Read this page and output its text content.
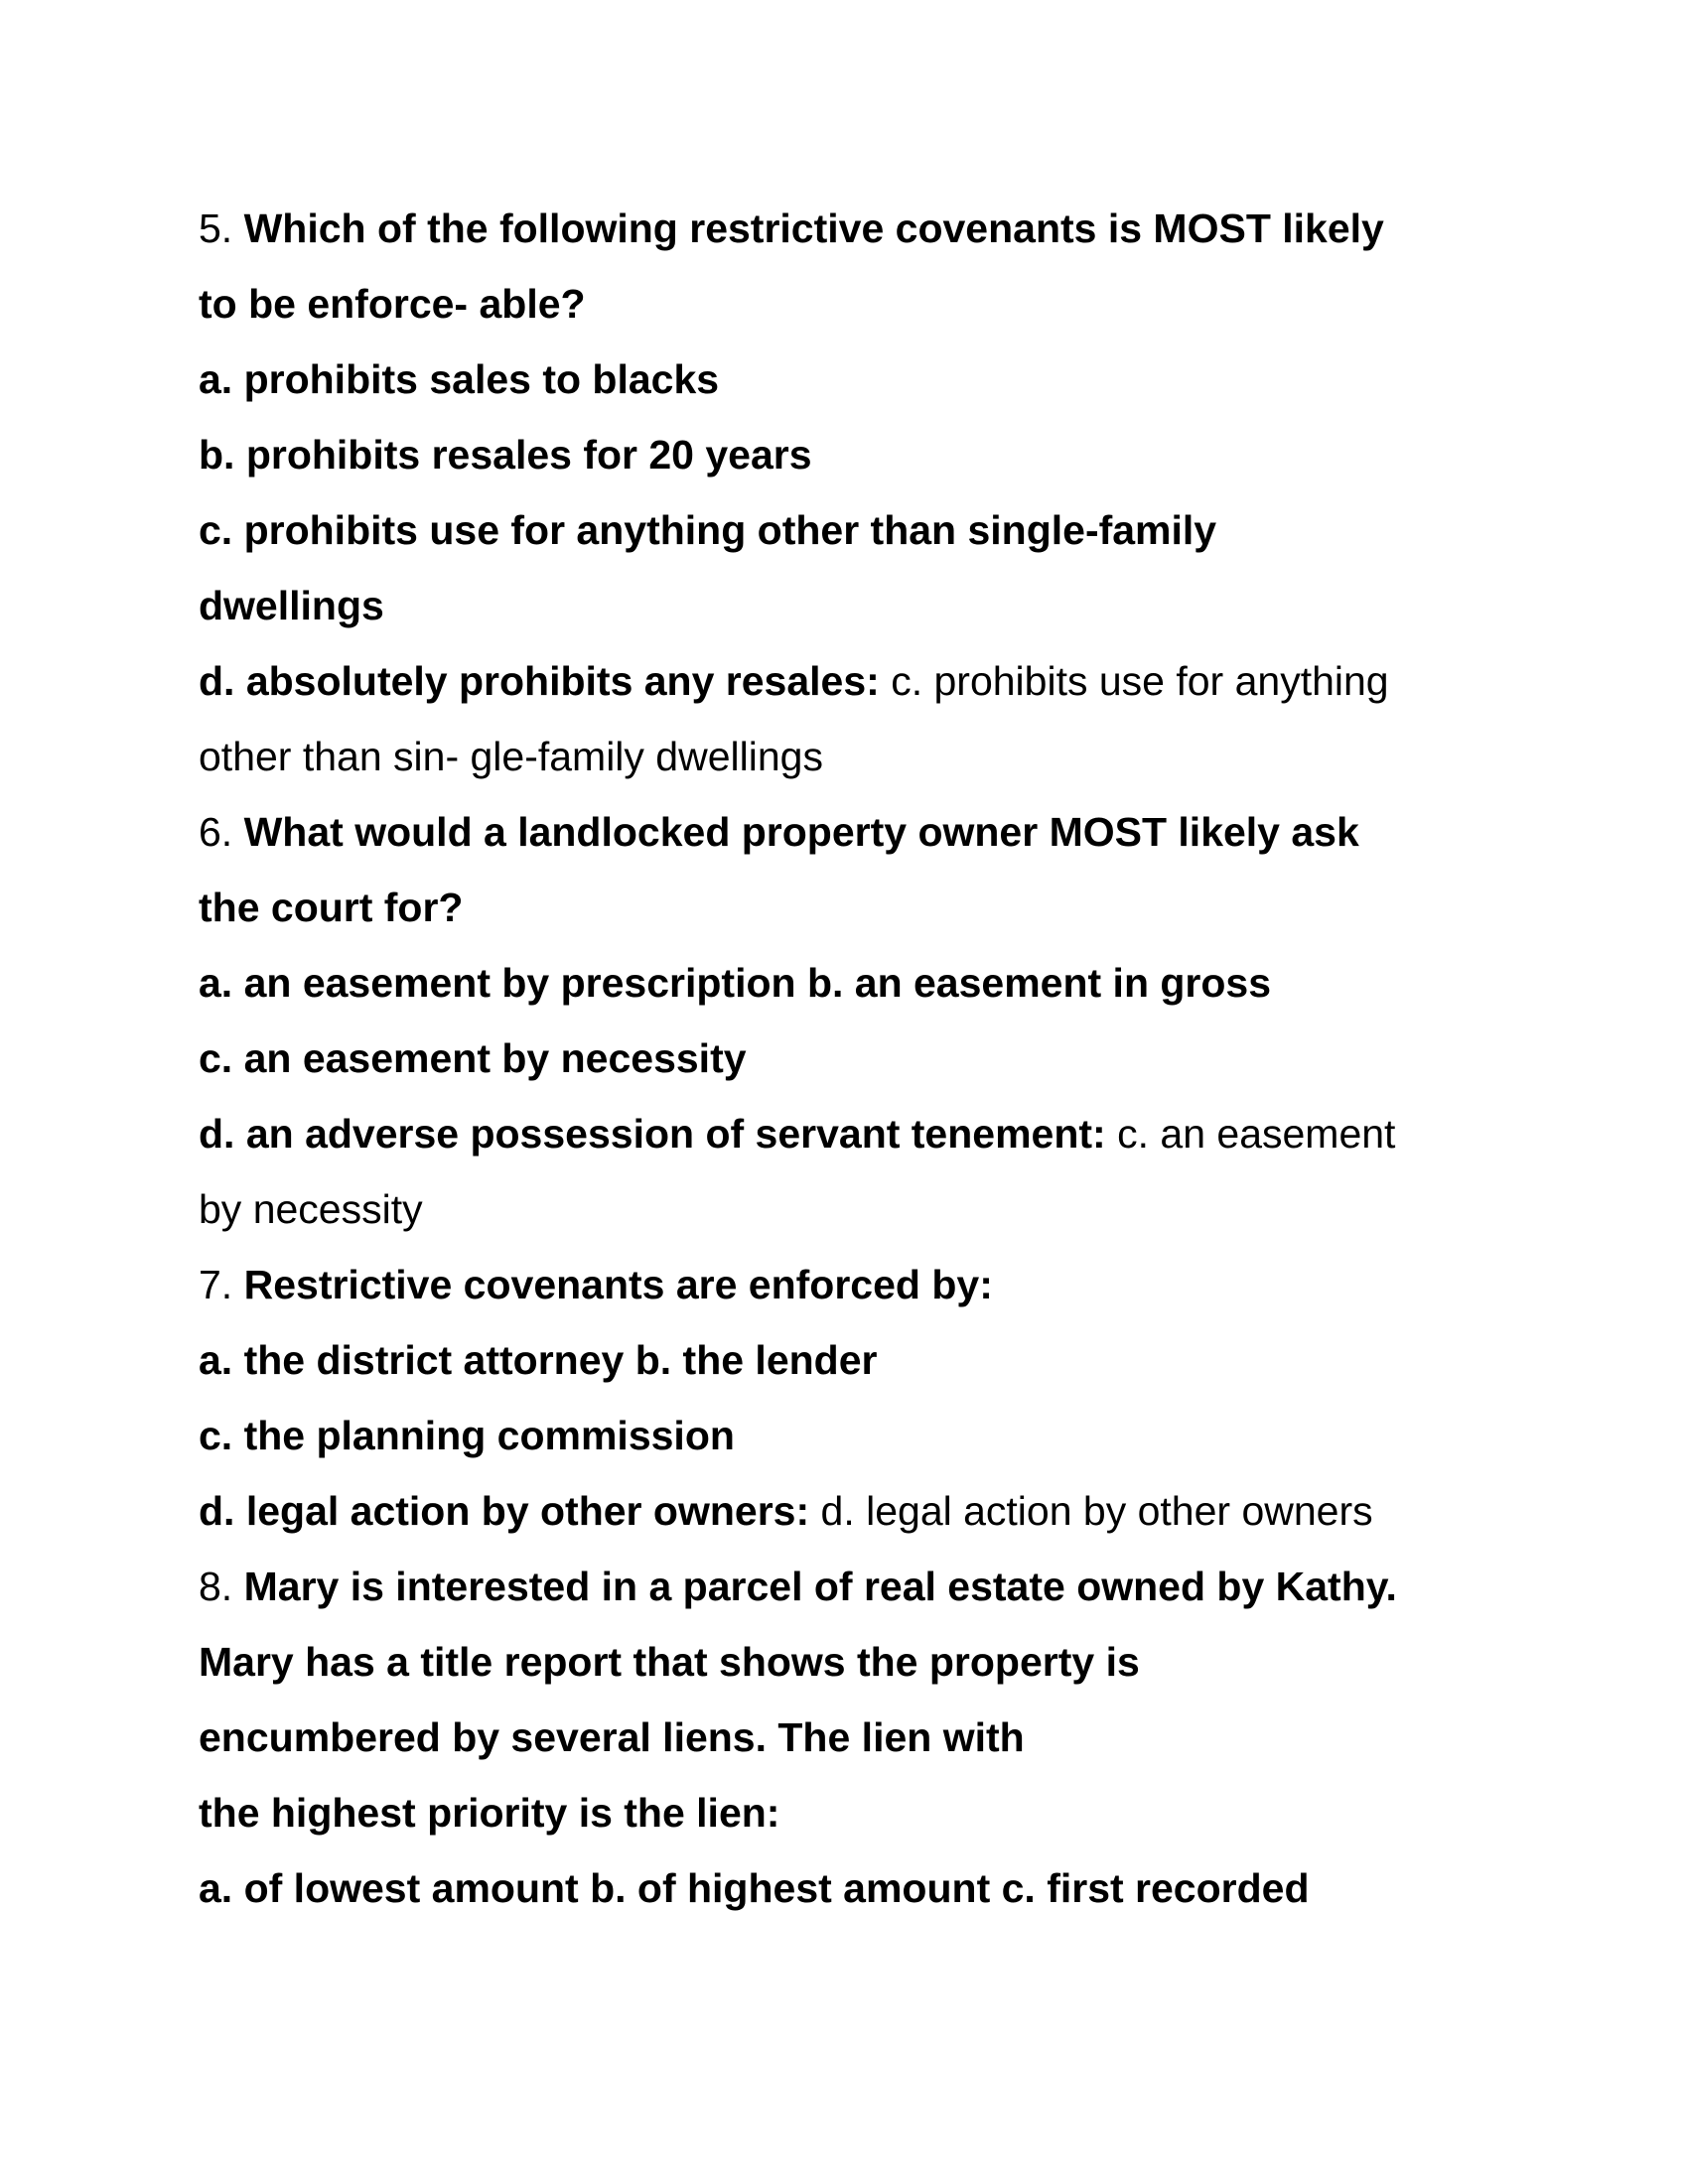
5. Which of the following restrictive covenants is MOST likely
to be enforce- able?
a. prohibits sales to blacks
b. prohibits resales for 20 years
c. prohibits use for anything other than single-family
dwellings
d. absolutely prohibits any resales: c. prohibits use for anything
other than sin- gle-family dwellings
6. What would a landlocked property owner MOST likely ask
the court for?
a. an easement by prescription b. an easement in gross
c. an easement by necessity
d. an adverse possession of servant tenement: c. an easement
by necessity
7. Restrictive covenants are enforced by:
a. the district attorney b. the lender
c. the planning commission
d. legal action by other owners: d. legal action by other owners
8. Mary is interested in a parcel of real estate owned by Kathy.
Mary has a title report that shows the property is
encumbered by several liens. The lien with
the highest priority is the lien:
a. of lowest amount b. of highest amount c. first recorded
